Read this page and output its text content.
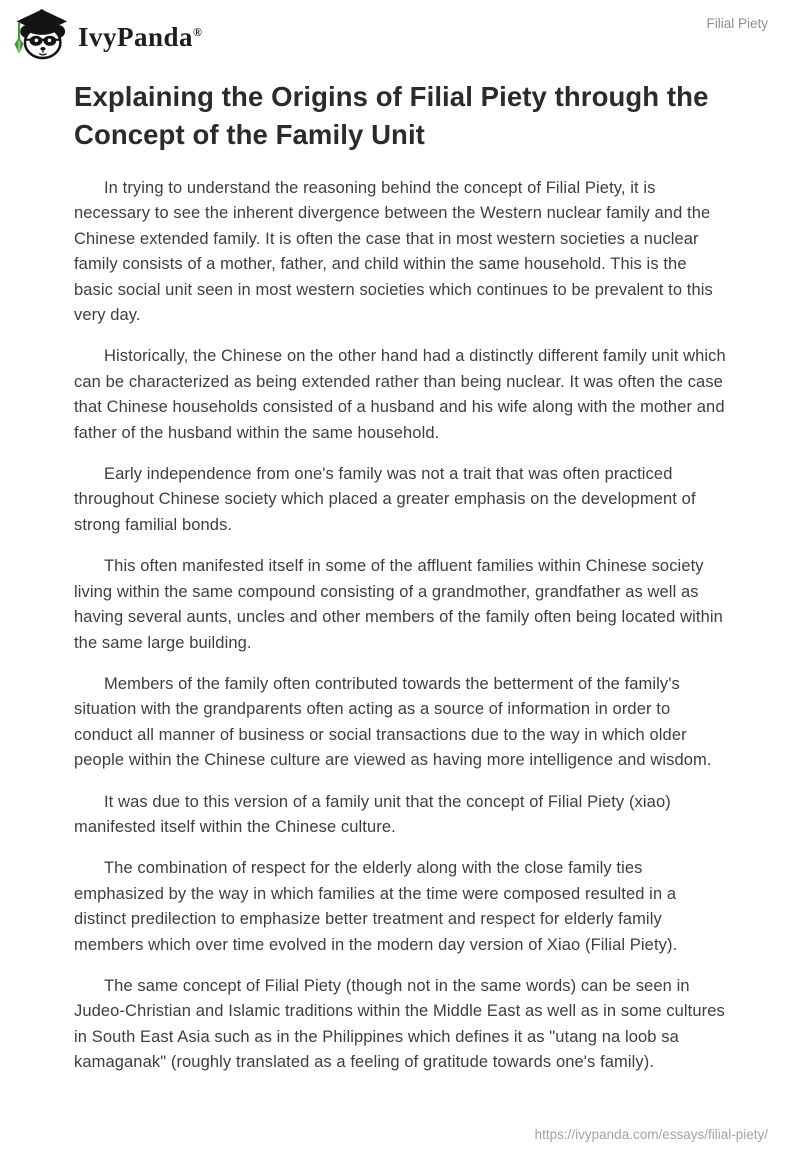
IvyPanda®
Filial Piety
Explaining the Origins of Filial Piety through the Concept of the Family Unit

In trying to understand the reasoning behind the concept of Filial Piety, it is necessary to see the inherent divergence between the Western nuclear family and the Chinese extended family. It is often the case that in most western societies a nuclear family consists of a mother, father, and child within the same household. This is the basic social unit seen in most western societies which continues to be prevalent to this very day.

Historically, the Chinese on the other hand had a distinctly different family unit which can be characterized as being extended rather than being nuclear. It was often the case that Chinese households consisted of a husband and his wife along with the mother and father of the husband within the same household.

Early independence from one's family was not a trait that was often practiced throughout Chinese society which placed a greater emphasis on the development of strong familial bonds.

This often manifested itself in some of the affluent families within Chinese society living within the same compound consisting of a grandmother, grandfather as well as having several aunts, uncles and other members of the family often being located within the same large building.

Members of the family often contributed towards the betterment of the family's situation with the grandparents often acting as a source of information in order to conduct all manner of business or social transactions due to the way in which older people within the Chinese culture are viewed as having more intelligence and wisdom.

It was due to this version of a family unit that the concept of Filial Piety (xiao) manifested itself within the Chinese culture.

The combination of respect for the elderly along with the close family ties emphasized by the way in which families at the time were composed resulted in a distinct predilection to emphasize better treatment and respect for elderly family members which over time evolved in the modern day version of Xiao (Filial Piety).

The same concept of Filial Piety (though not in the same words) can be seen in Judeo-Christian and Islamic traditions within the Middle East as well as in some cultures in South East Asia such as in the Philippines which defines it as "utang na loob sa kamaganak" (roughly translated as a feeling of gratitude towards one's family).

https://ivypanda.com/essays/filial-piety/
